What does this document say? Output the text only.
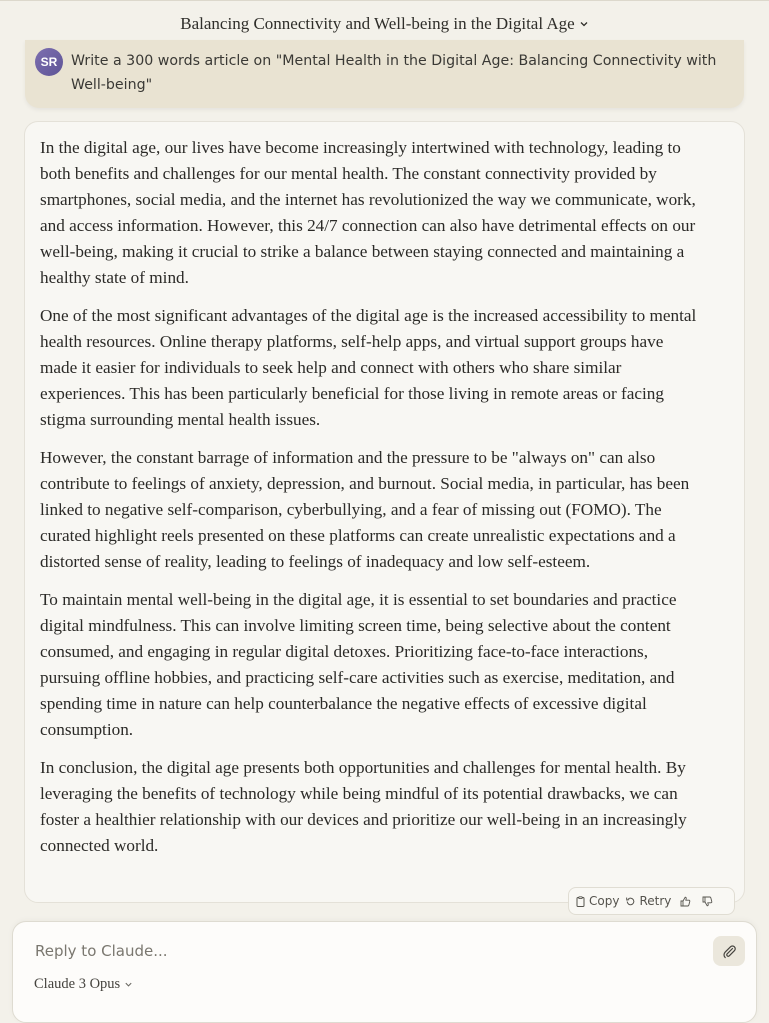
Balancing Connectivity and Well-being in the Digital Age
SR Write a 300 words article on "Mental Health in the Digital Age: Balancing Connectivity with Well-being"

In the digital age, our lives have become increasingly intertwined with technology, leading to both benefits and challenges for our mental health. The constant connectivity provided by smartphones, social media, and the internet has revolutionized the way we communicate, work, and access information. However, this 24/7 connection can also have detrimental effects on our well-being, making it crucial to strike a balance between staying connected and maintaining a healthy state of mind.

One of the most significant advantages of the digital age is the increased accessibility to mental health resources. Online therapy platforms, self-help apps, and virtual support groups have made it easier for individuals to seek help and connect with others who share similar experiences. This has been particularly beneficial for those living in remote areas or facing stigma surrounding mental health issues.

However, the constant barrage of information and the pressure to be "always on" can also contribute to feelings of anxiety, depression, and burnout. Social media, in particular, has been linked to negative self-comparison, cyberbullying, and a fear of missing out (FOMO). The curated highlight reels presented on these platforms can create unrealistic expectations and a distorted sense of reality, leading to feelings of inadequacy and low self-esteem.

To maintain mental well-being in the digital age, it is essential to set boundaries and practice digital mindfulness. This can involve limiting screen time, being selective about the content consumed, and engaging in regular digital detoxes. Prioritizing face-to-face interactions, pursuing offline hobbies, and practicing self-care activities such as exercise, meditation, and spending time in nature can help counterbalance the negative effects of excessive digital consumption.

In conclusion, the digital age presents both opportunities and challenges for mental health. By leveraging the benefits of technology while being mindful of its potential drawbacks, we can foster a healthier relationship with our devices and prioritize our well-being in an increasingly connected world.

Copy Retry
Reply to Claude...
Claude 3 Opus
